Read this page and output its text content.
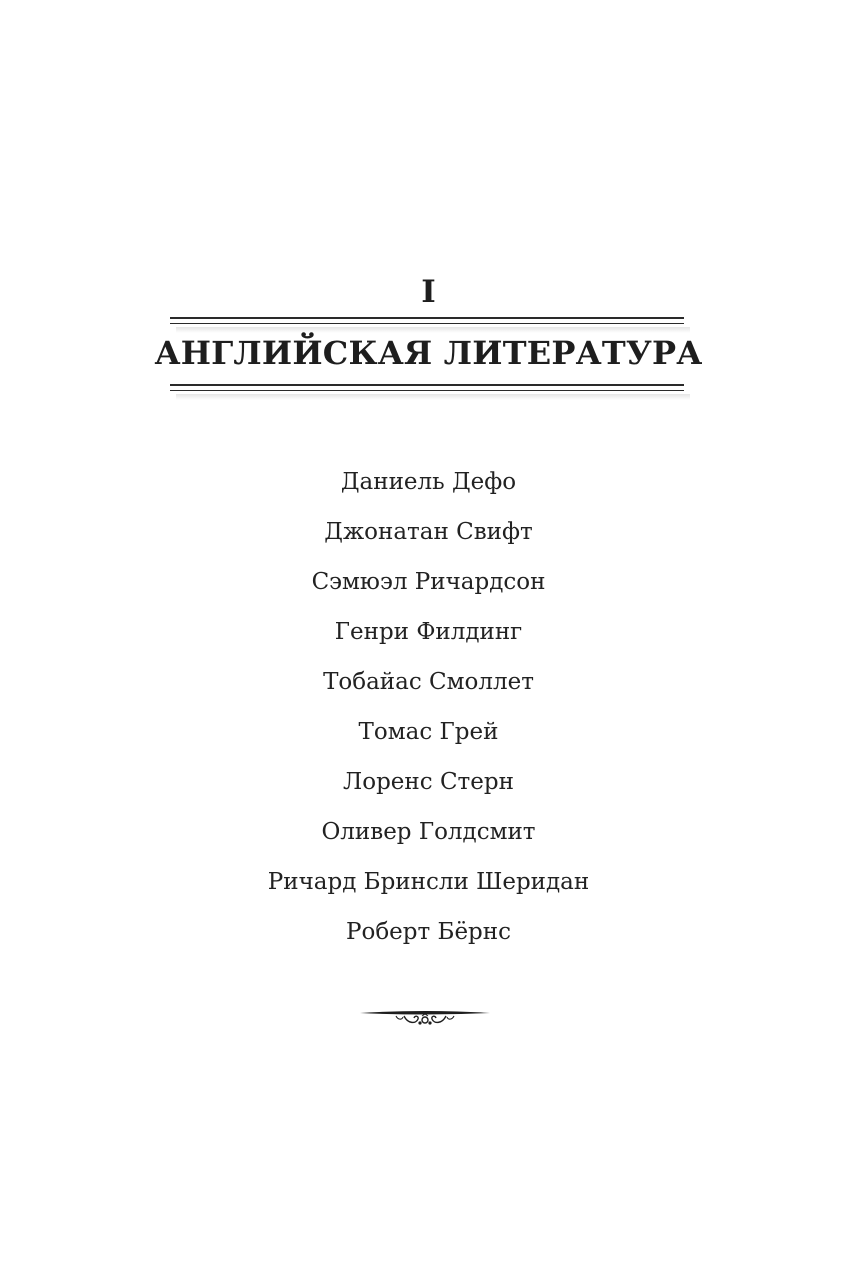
I
АНГЛИЙСКАЯ ЛИТЕРАТУРА
Даниель Дефо
Джонатан Свифт
Сэмюэл Ричардсон
Генри Филдинг
Тобайас Смоллет
Томас Грей
Лоренс Стерн
Оливер Голдсмит
Ричард Бринсли Шеридан
Роберт Бёрнс
